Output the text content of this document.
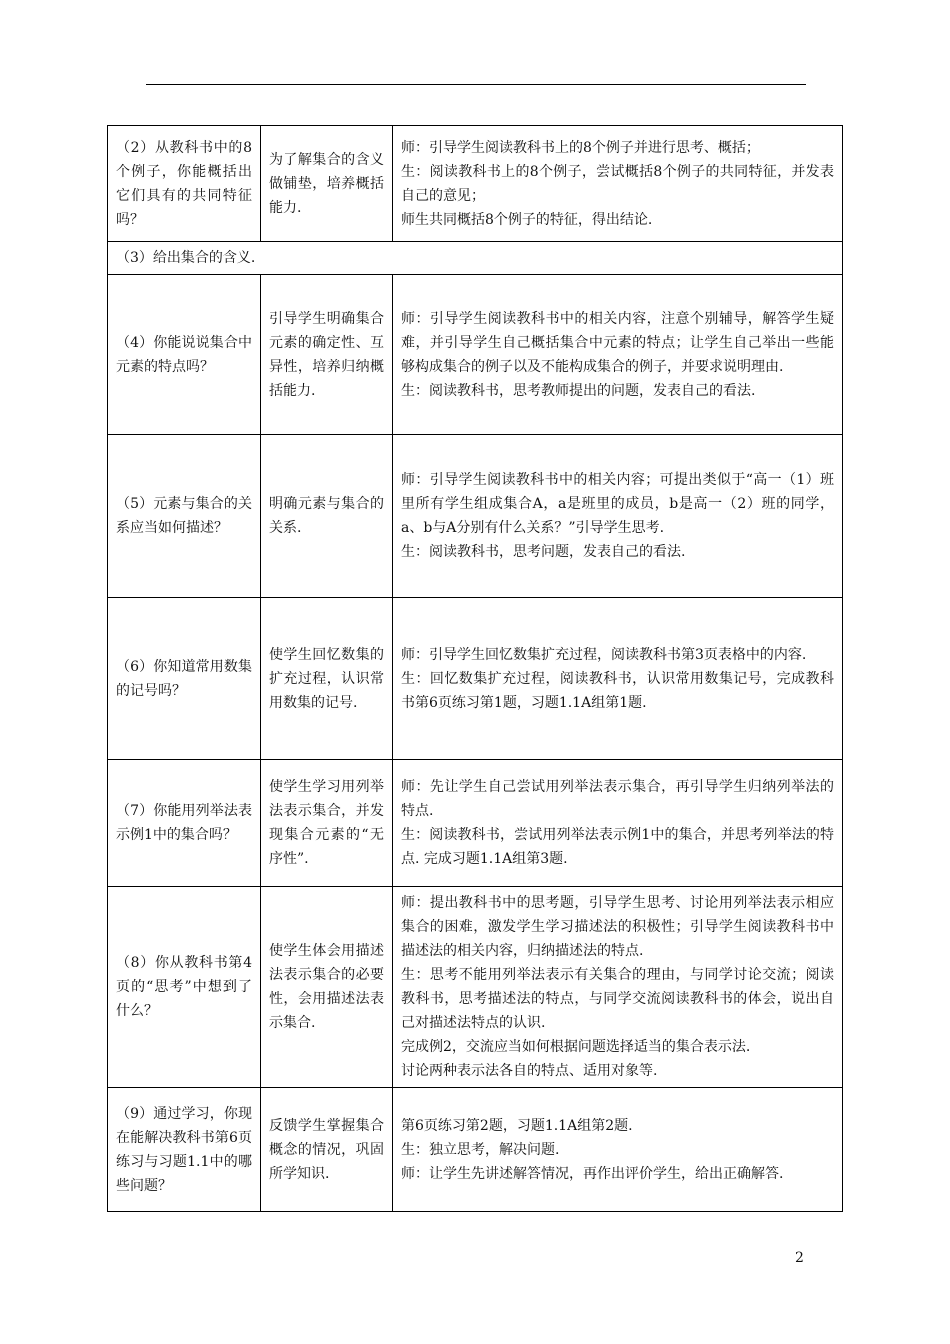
（2）从教科书中的8个例子，你能概括出它们具有的共同特征吗？	为了解集合的含义做铺垫，培养概括能力.	师：引导学生阅读教科书上的8个例子并进行思考、概括；

生：阅读教科书上的8个例子，尝试概括8个例子的共同特征，并发表自己的意见；

师生共同概括8个例子的特征，得出结论.

（3）给出集合的含义.		
（4）你能说说集合中元素的特点吗？	引导学生明确集合元素的确定性、互异性，培养归纳概括能力.	师：引导学生阅读教科书中的相关内容，注意个别辅导，解答学生疑难，并引导学生自己概括集合中元素的特点；让学生自己举出一些能够构成集合的例子以及不能构成集合的例子，并要求说明理由.

生：阅读教科书，思考教师提出的问题，发表自己的看法.

（5）元素与集合的关系应当如何描述？	明确元素与集合的关系.	师：引导学生阅读教科书中的相关内容；可提出类似于“高一（1）班里所有学生组成集合A，a是班里的成员，b是高一（2）班的同学，a、b与A分别有什么关系？”引导学生思考.

生：阅读教科书，思考问题，发表自己的看法.

（6）你知道常用数集的记号吗？	使学生回忆数集的扩充过程，认识常用数集的记号.	师：引导学生回忆数集扩充过程，阅读教科书第3页表格中的内容.

生：回忆数集扩充过程，阅读教科书，认识常用数集记号，完成教科书第6页练习第1题，习题1.1A组第1题.

（7）你能用列举法表示例1中的集合吗？	使学生学习用列举法表示集合，并发现集合元素的“无序性”.	师：先让学生自己尝试用列举法表示集合，再引导学生归纳列举法的特点.

生：阅读教科书，尝试用列举法表示例1中的集合，并思考列举法的特点. 完成习题1.1A组第3题.

（8）你从教科书第4页的“思考”中想到了什么？	使学生体会用描述法表示集合的必要性，会用描述法表示集合.	师：提出教科书中的思考题，引导学生思考、讨论用列举法表示相应集合的困难，激发学生学习描述法的积极性；引导学生阅读教科书中描述法的相关内容，归纳描述法的特点.

生：思考不能用列举法表示有关集合的理由，与同学讨论交流；阅读教科书，思考描述法的特点，与同学交流阅读教科书的体会，说出自己对描述法特点的认识.

完成例2，交流应当如何根据问题选择适当的集合表示法.

讨论两种表示法各自的特点、适用对象等.

（9）通过学习，你现在能解决教科书第6页练习与习题1.1中的哪些问题？	反馈学生掌握集合概念的情况，巩固所学知识.	第6页练习第2题，习题1.1A组第2题.

生：独立思考，解决问题.

师：让学生先讲述解答情况，再作出评价学生，给出正确解答.

2
